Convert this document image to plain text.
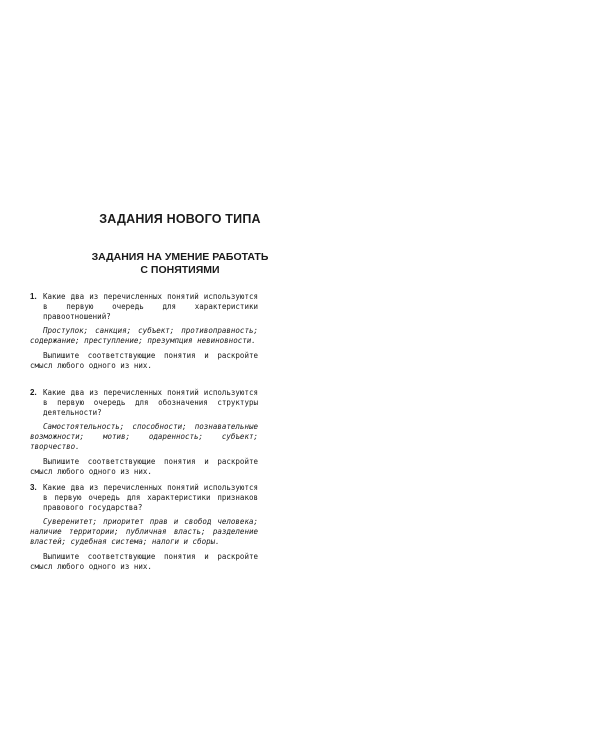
ЗАДАНИЯ НОВОГО ТИПА
ЗАДАНИЯ НА УМЕНИЕ РАБОТАТЬ
С ПОНЯТИЯМИ
1. Какие два из перечисленных понятий используются в первую очередь для характеристики правоотношений?

Проступок; санкция; субъект; противоправность; содержание; преступление; презумпция невиновности.

Выпишите соответствующие понятия и раскройте смысл любого одного из них.

2. Какие два из перечисленных понятий используются в первую очередь для обозначения структуры деятельности?

Самостоятельность; способности; познавательные возможности; мотив; одаренность; субъект; творчество.

Выпишите соответствующие понятия и раскройте смысл любого одного из них.

3. Какие два из перечисленных понятий используются в первую очередь для характеристики признаков правового государства?

Суверенитет; приоритет прав и свобод человека; наличие территории; публичная власть; разделение властей; судебная система; налоги и сборы.

Выпишите соответствующие понятия и раскройте смысл любого одного из них.
